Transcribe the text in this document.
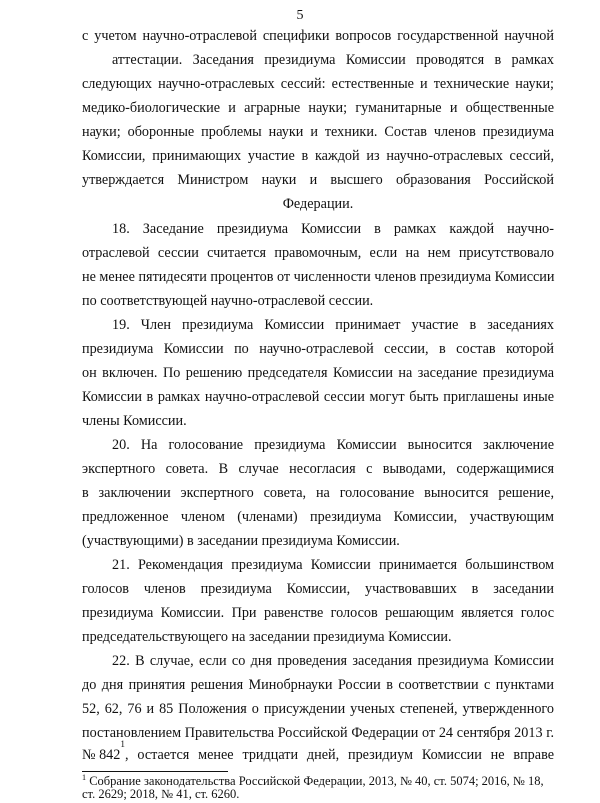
5
с учетом научно-отраслевой специфики вопросов государственной научной
аттестации. Заседания президиума Комиссии проводятся в рамках
следующих научно-отраслевых сессий: естественные и технические науки;
медико-биологические и аграрные науки; гуманитарные и общественные
науки; оборонные проблемы науки и техники. Состав членов президиума
Комиссии, принимающих участие в каждой из научно-отраслевых сессий,
утверждается Министром науки и высшего образования Российской
Федерации.
18. Заседание президиума Комиссии в рамках каждой научно-
отраслевой сессии считается правомочным, если на нем присутствовало
не менее пятидесяти процентов от численности членов президиума Комиссии
по соответствующей научно-отраслевой сессии.
19. Член президиума Комиссии принимает участие в заседаниях
президиума Комиссии по научно-отраслевой сессии, в состав которой
он включен. По решению председателя Комиссии на заседание президиума
Комиссии в рамках научно-отраслевой сессии могут быть приглашены иные
члены Комиссии.
20. На голосование президиума Комиссии выносится заключение
экспертного совета. В случае несогласия с выводами, содержащимися
в заключении экспертного совета, на голосование выносится решение,
предложенное членом (членами) президиума Комиссии, участвующим
(участвующими) в заседании президиума Комиссии.
21. Рекомендация президиума Комиссии принимается большинством
голосов членов президиума Комиссии, участвовавших в заседании
президиума Комиссии. При равенстве голосов решающим является голос
председательствующего на заседании президиума Комиссии.
22. В случае, если со дня проведения заседания президиума Комиссии
до дня принятия решения Минобрнауки России в соответствии с пунктами
52, 62, 76 и 85 Положения о присуждении ученых степеней, утвержденного
постановлением Правительства Российской Федерации от 24 сентября 2013 г.
№ 842
1
, остается менее тридцати дней, президиум Комиссии не вправе
$^1$ Собрание законодательства Российской Федерации, 2013, № 40, ст. 5074; 2016, № 18,
ст. 2629; 2018, № 41, ст. 6260.
